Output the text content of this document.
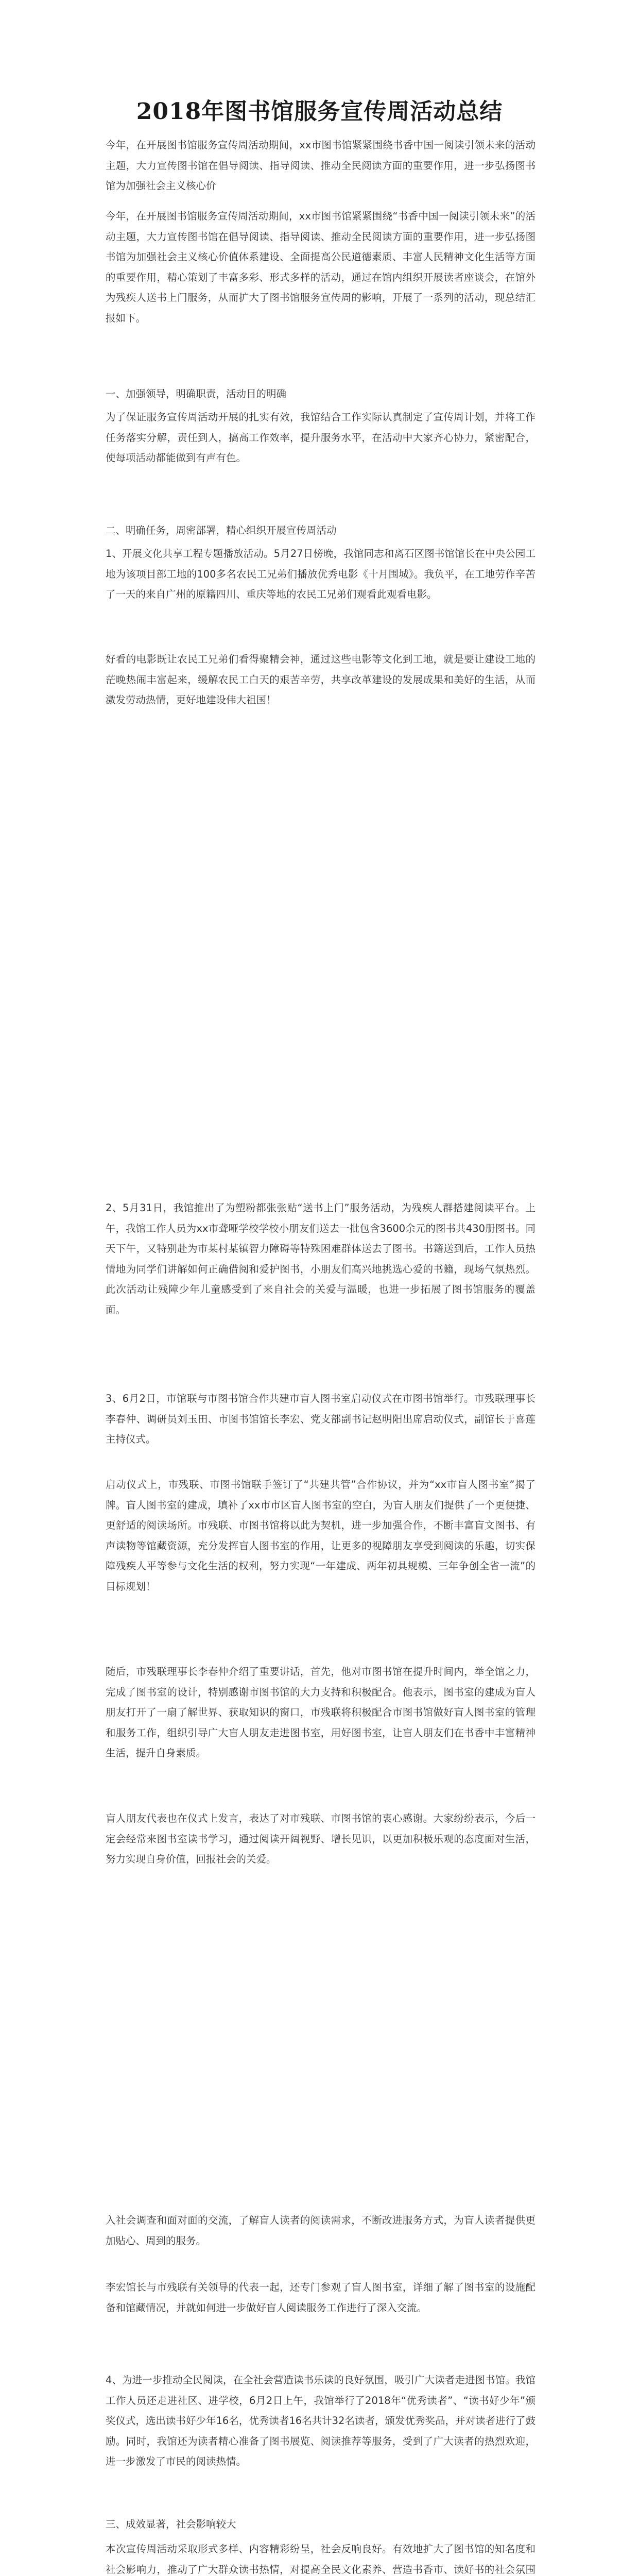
2018年图书馆服务宣传周活动总结

今年，在开展图书馆服务宣传周活动期间，xx市图书馆紧紧围绕书香中国一阅读引领未来的活动主题，大力宣传图书馆在倡导阅读、指导阅读、推动全民阅读方面的重要作用，进一步弘扬图书馆为加强社会主义核心价

今年，在开展图书馆服务宣传周活动期间，xx市图书馆紧紧围绕“书香中国一阅读引领未来”的活动主题，大力宣传图书馆在倡导阅读、指导阅读、推动全民阅读方面的重要作用，进一步弘扬图书馆为加强社会主义核心价值体系建设、全面提高公民道德素质、丰富人民精神文化生活等方面的重要作用，精心策划了丰富多彩、形式多样的活动，通过在馆内组织开展读者座谈会，在馆外为残疾人送书上门服务，从而扩大了图书馆服务宣传周的影响，开展了一系列的活动，现总结汇报如下。

一、加强领导，明确职责，活动目的明确

为了保证服务宣传周活动开展的扎实有效，我馆结合工作实际认真制定了宣传周计划，并将工作任务落实分解，责任到人，搞高工作效率，提升服务水平，在活动中大家齐心协力，紧密配合，使每项活动都能做到有声有色。

二、明确任务，周密部署，精心组织开展宣传周活动

1、开展文化共享工程专题播放活动。5月27日傍晚，我馆同志和离石区图书馆馆长在中央公园工地为该项目部工地的100多名农民工兄弟们播放优秀电影《十月围城》。我负平，在工地劳作辛苦了一天的来自广州的原籍四川、重庆等地的农民工兄弟们观看此观看电影。

好看的电影既让农民工兄弟们看得聚精会神，通过这些电影等文化到工地，就是要让建设工地的茫晚热闹丰富起来，缓解农民工白天的艰苦辛劳，共享改革建设的发展成果和美好的生活，从而激发劳动热情，更好地建设伟大祖国！

2、5月31日，我馆推出了为塑粉都张张贴“送书上门”服务活动，为残疾人群搭建阅读平台。上午，我馆工作人员为xx市聋哑学校学校小朋友们送去一批包含3600余元的图书共430册图书。同天下午，又特别赴为市某村某镇智力障碍等特殊困难群体送去了图书。书籍送到后，工作人员热情地为同学们讲解如何正确借阅和爱护图书，小朋友们高兴地挑选心爱的书籍，现场气氛热烈。此次活动让残障少年儿童感受到了来自社会的关爱与温暖，也进一步拓展了图书馆服务的覆盖面。

3、6月2日，市馆联与市图书馆合作共建市盲人图书室启动仪式在市图书馆举行。市残联理事长李春仲、调研员刘玉田、市图书馆馆长李宏、党支部副书记赵明阳出席启动仪式，副馆长于喜莲主持仪式。

启动仪式上，市残联、市图书馆联手签订了“共建共管”合作协议，并为“xx市盲人图书室”揭了牌。盲人图书室的建成，填补了xx市市区盲人图书室的空白，为盲人朋友们提供了一个更便捷、更舒适的阅读场所。市残联、市图书馆将以此为契机，进一步加强合作，不断丰富盲文图书、有声读物等馆藏资源，充分发挥盲人图书室的作用，让更多的视障朋友享受到阅读的乐趣，切实保障残疾人平等参与文化生活的权利，努力实现“一年建成、两年初具规模、三年争创全省一流”的目标规划！

随后，市残联理事长李春仲介绍了重要讲话，首先，他对市图书馆在提升时间内，举全馆之力，完成了图书室的设计，特别感谢市图书馆的大力支持和积极配合。他表示，图书室的建成为盲人朋友打开了一扇了解世界、获取知识的窗口，市残联将积极配合市图书馆做好盲人图书室的管理和服务工作，组织引导广大盲人朋友走进图书室，用好图书室，让盲人朋友们在书香中丰富精神生活，提升自身素质。

盲人朋友代表也在仪式上发言，表达了对市残联、市图书馆的衷心感谢。大家纷纷表示，今后一定会经常来图书室读书学习，通过阅读开阔视野、增长见识，以更加积极乐观的态度面对生活，努力实现自身价值，回报社会的关爱。

入社会调查和面对面的交流，了解盲人读者的阅读需求，不断改进服务方式，为盲人读者提供更加贴心、周到的服务。

李宏馆长与市残联有关领导的代表一起，还专门参观了盲人图书室，详细了解了图书室的设施配备和馆藏情况，并就如何进一步做好盲人阅读服务工作进行了深入交流。

4、为进一步推动全民阅读，在全社会营造读书乐读的良好氛围，吸引广大读者走进图书馆。我馆工作人员还走进社区、进学校，6月2日上午，我馆举行了2018年“优秀读者”、“读书好少年”颁奖仪式，选出读书好少年16名，优秀读者16名共计32名读者，颁发优秀奖品，并对读者进行了鼓励。同时，我馆还为读者精心准备了图书展览、阅读推荐等服务，受到了广大读者的热烈欢迎，进一步激发了市民的阅读热情。

三、成效显著，社会影响较大

本次宣传周活动采取形式多样、内容精彩纷呈，社会反响良好。有效地扩大了图书馆的知名度和社会影响力，推动了广大群众读书热情，对提高全民文化素养、营造书香市、读好书的社会氛围
